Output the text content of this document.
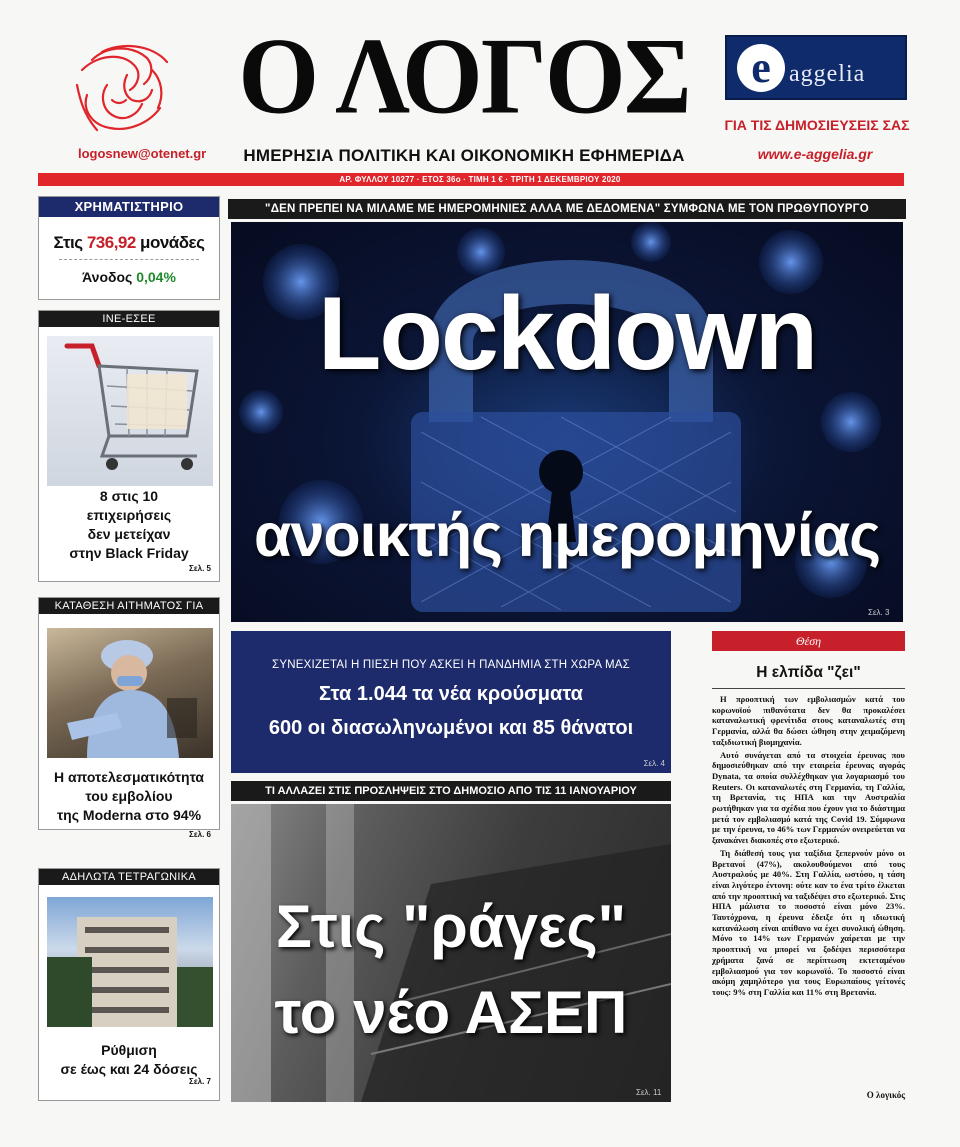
logosnew@otenet.gr
Ο ΛΟΓΟΣ
ΗΜΕΡΗΣΙΑ ΠΟΛΙΤΙΚΗ ΚΑΙ ΟΙΚΟΝΟΜΙΚΗ ΕΦΗΜΕΡΙΔΑ
e aggelia
ΓΙΑ ΤΙΣ ΔΗΜΟΣΙΕΥΣΕΙΣ ΣΑΣ
www.e-aggelia.gr
ΑΡ. ΦΥΛΛΟΥ 10277 · ΕΤΟΣ 36ο · ΤΙΜΗ 1 € · ΤΡΙΤΗ 1 ΔΕΚΕΜΒΡΙΟΥ 2020
ΧΡΗΜΑΤΙΣΤΗΡΙΟ
Στις 736,92 μονάδες
Άνοδος 0,04%
ΙΝΕ-ΕΣΕΕ
8 στις 10
επιχειρήσεις
δεν μετείχαν
στην Black Friday
Σελ. 5
ΚΑΤΑΘΕΣΗ ΑΙΤΗΜΑΤΟΣ ΓΙΑ ΕΓΚΡΙΣΗ
Η αποτελεσματικότητα
του εμβολίου
της Moderna στο 94%
Σελ. 6
ΑΔΗΛΩΤΑ ΤΕΤΡΑΓΩΝΙΚΑ
Ρύθμιση
σε έως και 24 δόσεις
Σελ. 7
"ΔΕΝ ΠΡΕΠΕΙ ΝΑ ΜΙΛΑΜΕ ΜΕ ΗΜΕΡΟΜΗΝΙΕΣ ΑΛΛΑ ΜΕ ΔΕΔΟΜΕΝΑ" ΣΥΜΦΩΝΑ ΜΕ ΤΟΝ ΠΡΩΘΥΠΟΥΡΓΟ
Lockdown
ανοικτής ημερομηνίας
Σελ. 3
ΣΥΝΕΧΙΖΕΤΑΙ Η ΠΙΕΣΗ ΠΟΥ ΑΣΚΕΙ Η ΠΑΝΔΗΜΙΑ ΣΤΗ ΧΩΡΑ ΜΑΣ
Στα 1.044 τα νέα κρούσματα
600 οι διασωληνωμένοι και 85 θάνατοι
Σελ. 4
ΤΙ ΑΛΛΑΖΕΙ ΣΤΙΣ ΠΡΟΣΛΗΨΕΙΣ ΣΤΟ ΔΗΜΟΣΙΟ ΑΠΟ ΤΙΣ 11 ΙΑΝΟΥΑΡΙΟΥ
Στις "ράγες"
το νέο ΑΣΕΠ
Σελ. 11
Θέση
Η ελπίδα "ζει"

Η προοπτική των εμβολιασμών κατά του κορωνοϊού πιθανότατα δεν θα προκαλέσει καταναλωτική φρενίτιδα στους καταναλωτές στη Γερμανία, αλλά θα δώσει ώθηση στην χειμαζόμενη ταξιδιωτική βιομηχανία.

Αυτό συνάγεται από τα στοιχεία έρευνας που δημοσιεύθηκαν από την εταιρεία έρευνας αγοράς Dynata, τα οποία συλλέχθηκαν για λογαριασμό του Reuters. Οι καταναλωτές στη Γερμανία, τη Γαλλία, τη Βρετανία, τις ΗΠΑ και την Αυστραλία ρωτήθηκαν για τα σχέδια που έχουν για το διάστημα μετά τον εμβολιασμό κατά της Covid 19. Σύμφωνα με την έρευνα, το 46% των Γερμανών ονειρεύεται να ξανακάνει διακοπές στο εξωτερικό.

Τη διάθεσή τους για ταξίδια ξεπερνούν μόνο οι Βρετανοί (47%), ακολουθούμενοι από τους Αυστραλούς με 40%. Στη Γαλλία, ωστόσο, η τάση είναι λιγότερο έντονη: ούτε καν το ένα τρίτο έλκεται από την προοπτική να ταξιδέψει στο εξωτερικό. Στις ΗΠΑ μάλιστα το ποσοστό είναι μόνο 23%. Ταυτόχρονα, η έρευνα έδειξε ότι η ιδιωτική κατανάλωση είναι απίθανο να έχει συνολική ώθηση. Μόνο το 14% των Γερμανών χαίρεται με την προοπτική να μπορεί να ξοδέψει περισσότερα χρήματα ξανά σε περίπτωση εκτεταμένου εμβολιασμού για τον κορωνοϊό. Το ποσοστό είναι ακόμη χαμηλότερο για τους Ευρωπαίους γείτονές τους: 9% στη Γαλλία και 11% στη Βρετανία.

Ο λογικός
